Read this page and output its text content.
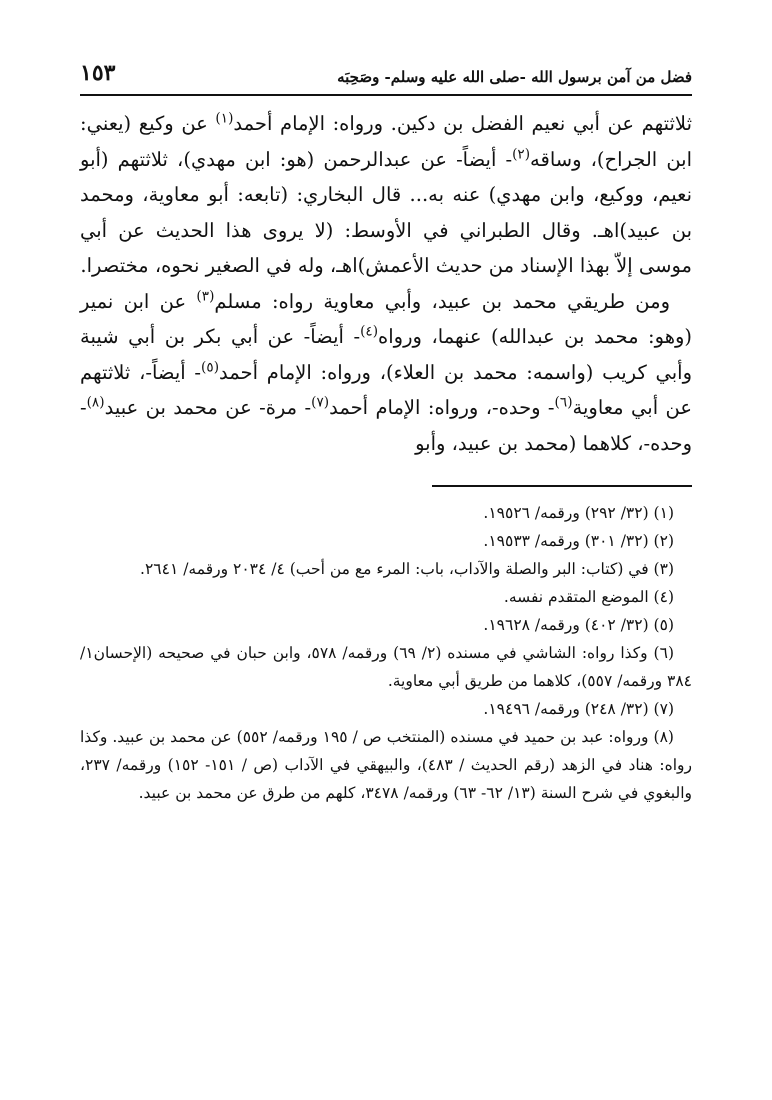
فضل من آمن برسول الله -صلى الله عليه وسلم- وصَحِبَه
١٥٣

ثلاثتهم عن أبي نعيم الفضل بن دكين. ورواه: الإمام أحمد$^{(١)}$ عن وكيع (يعني: ابن الجراح)، وساقه$^{(٢)}$- أيضاً- عن عبدالرحمن (هو: ابن مهدي)، ثلاثتهم (أبو نعيم، ووكيع، وابن مهدي) عنه به... قال البخاري: (تابعه: أبو معاوية، ومحمد بن عبيد)اهـ. وقال الطبراني في الأوسط: (لا يروى هذا الحديث عن أبي موسى إلاّ بهذا الإسناد من حديث الأعمش)اهـ، وله في الصغير نحوه، مختصرا.

ومن طريقي محمد بن عبيد، وأبي معاوية رواه: مسلم$^{(٣)}$ عن ابن نمير (وهو: محمد بن عبدالله) عنهما، ورواه$^{(٤)}$- أيضاً- عن أبي بكر بن أبي شيبة وأبي كريب (واسمه: محمد بن العلاء)، ورواه: الإمام أحمد$^{(٥)}$- أيضاً-، ثلاثتهم عن أبي معاوية$^{(٦)}$- وحده-، ورواه: الإمام أحمد$^{(٧)}$- مرة- عن محمد بن عبيد$^{(٨)}$-وحده-، كلاهما (محمد بن عبيد، وأبو

(١) (٣٢/ ٢٩٢) ورقمه/ ١٩٥٢٦.

(٢) (٣٢/ ٣٠١) ورقمه/ ١٩٥٣٣.

(٣) في (كتاب: البر والصلة والآداب، باب: المرء مع من أحب) ٤/ ٢٠٣٤ ورقمه/ ٢٦٤١.

(٤) الموضع المتقدم نفسه.

(٥) (٣٢/ ٤٠٢) ورقمه/ ١٩٦٢٨.

(٦) وكذا رواه: الشاشي في مسنده (٢/ ٦٩) ورقمه/ ٥٧٨، وابن حبان في صحيحه (الإحسان١/ ٣٨٤ ورقمه/ ٥٥٧)، كلاهما من طريق أبي معاوية.

(٧) (٣٢/ ٢٤٨) ورقمه/ ١٩٤٩٦.

(٨) ورواه: عبد بن حميد في مسنده (المنتخب ص / ١٩٥ ورقمه/ ٥٥٢) عن محمد بن عبيد. وكذا رواه: هناد في الزهد (رقم الحديث / ٤٨٣)، والبيهقي في الآداب (ص / ١٥١- ١٥٢) ورقمه/ ٢٣٧، والبغوي في شرح السنة (١٣/ ٦٢- ٦٣) ورقمه/ ٣٤٧٨، كلهم من طرق عن محمد بن عبيد.
